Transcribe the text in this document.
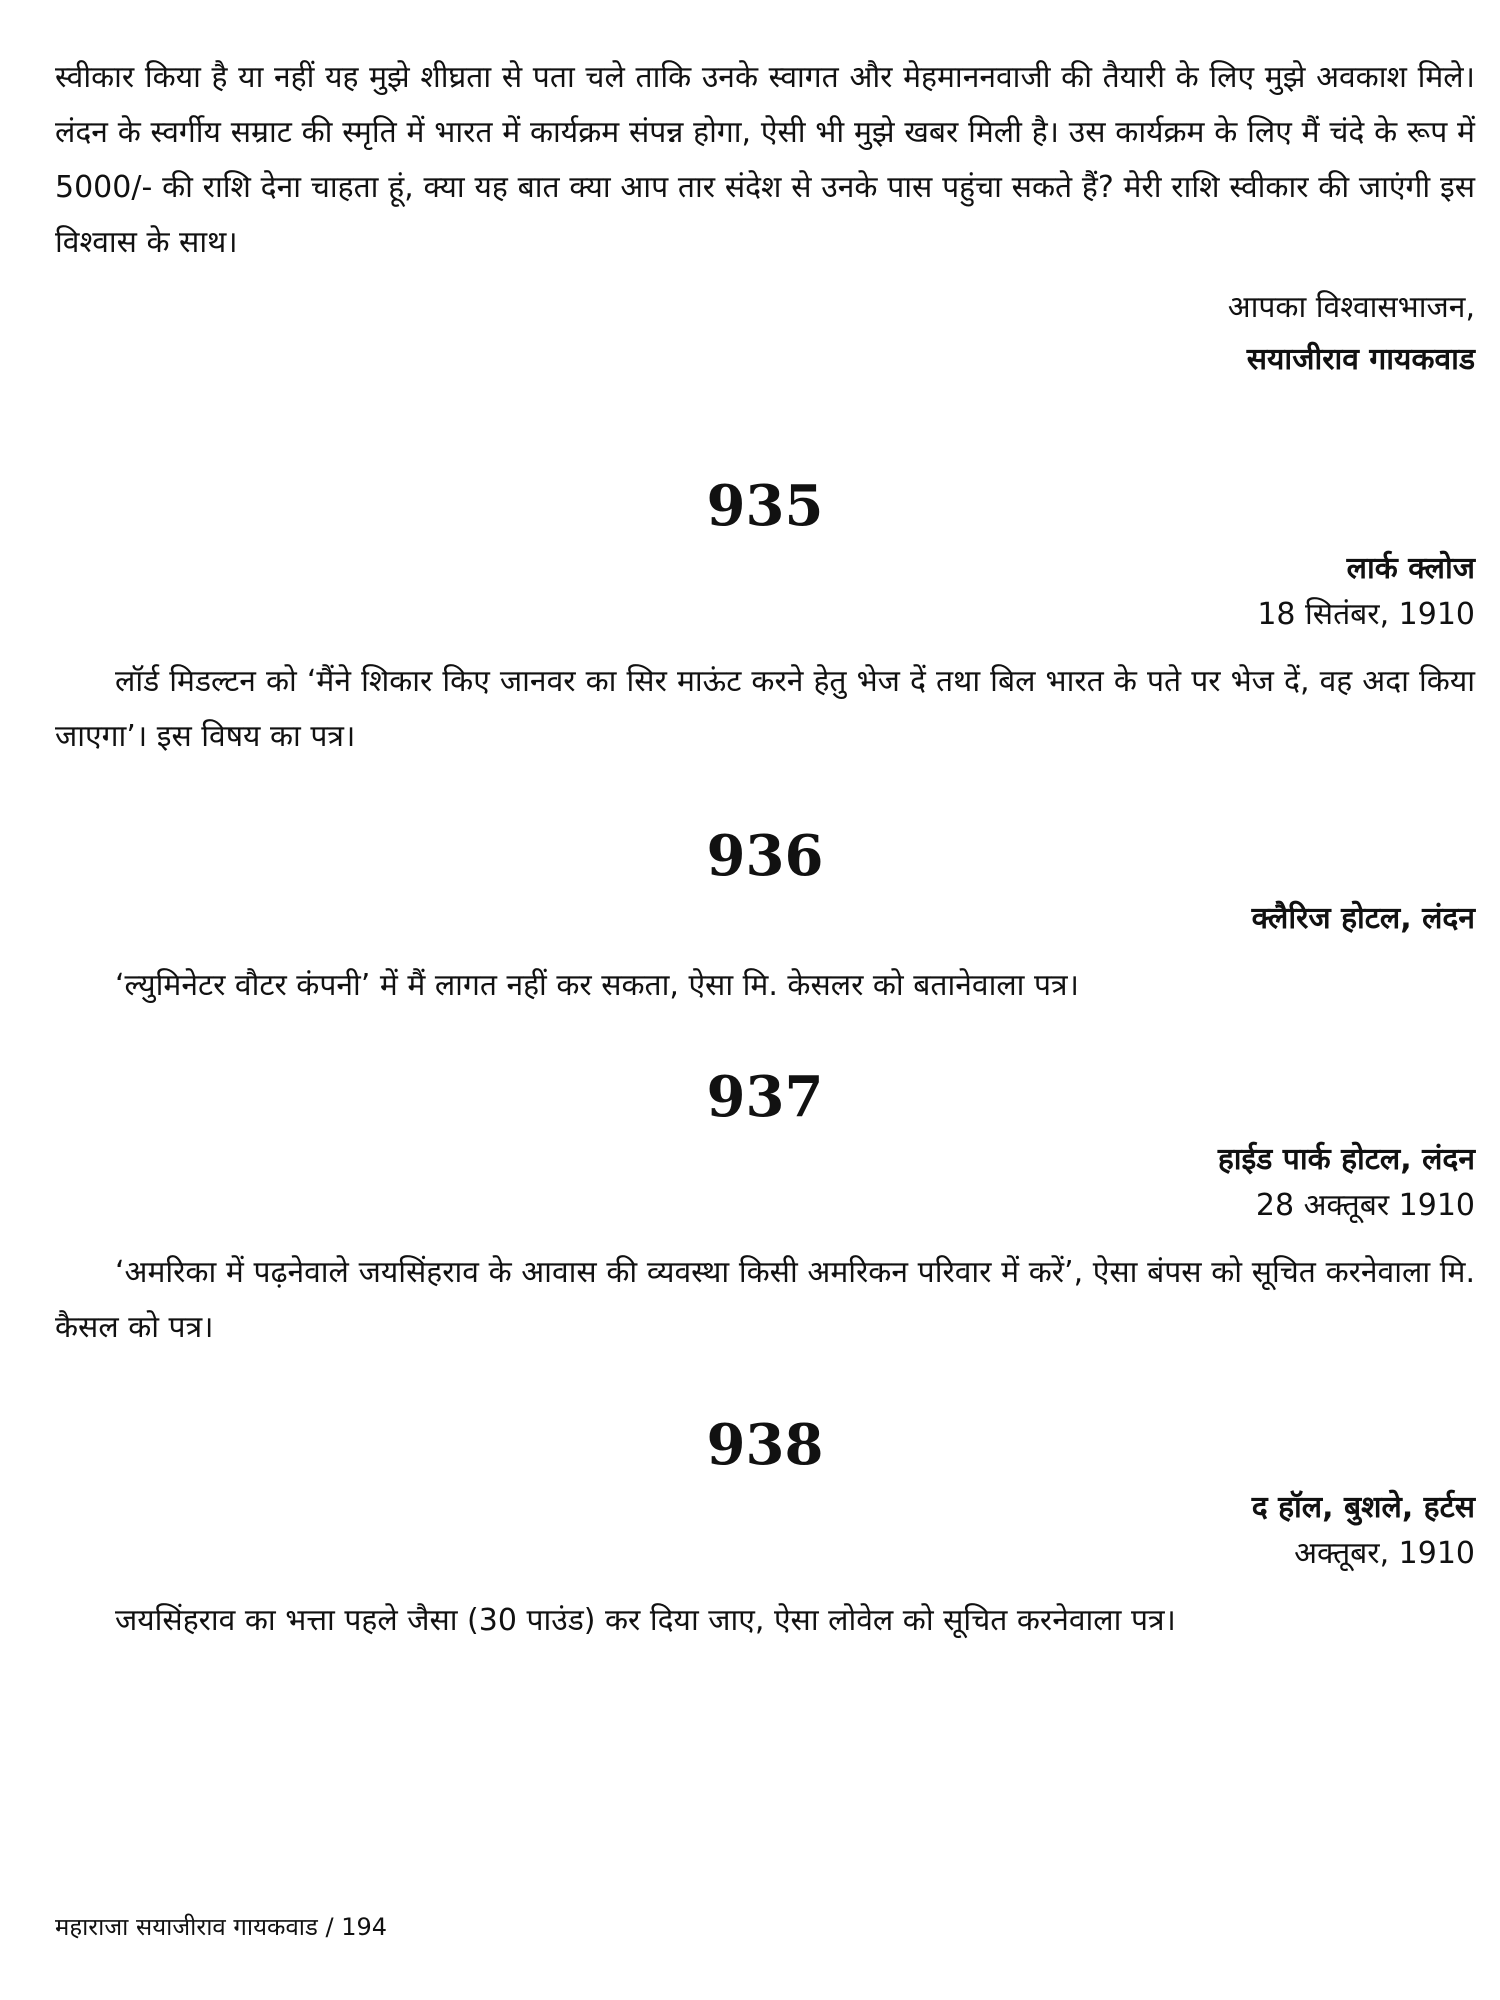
स्वीकार किया है या नहीं यह मुझे शीघ्रता से पता चले ताकि उनके स्वागत और मेहमाननवाजी की तैयारी के लिए मुझे अवकाश मिले। लंदन के स्वर्गीय सम्राट की स्मृति में भारत में कार्यक्रम संपन्न होगा, ऐसी भी मुझे खबर मिली है। उस कार्यक्रम के लिए मैं चंदे के रूप में 5000/- की राशि देना चाहता हूं, क्या यह बात क्या आप तार संदेश से उनके पास पहुंचा सकते हैं? मेरी राशि स्वीकार की जाएंगी इस विश्वास के साथ।

आपका विश्वासभाजन,

सयाजीराव गायकवाड

935

लार्क क्लोज

18 सितंबर, 1910

लॉर्ड मिडल्टन को ‘मैंने शिकार किए जानवर का सिर माऊंट करने हेतु भेज दें तथा बिल भारत के पते पर भेज दें, वह अदा किया जाएगा’। इस विषय का पत्र।

936

क्लैरिज होटल, लंदन

‘ल्युमिनेटर वौटर कंपनी’ में मैं लागत नहीं कर सकता, ऐसा मि. केसलर को बतानेवाला पत्र।

937

हाईड पार्क होटल, लंदन

28 अक्तूबर 1910

‘अमरिका में पढ़नेवाले जयसिंहराव के आवास की व्यवस्था किसी अमरिकन परिवार में करें’, ऐसा बंपस को सूचित करनेवाला मि. कैसल को पत्र।

938

द हॉल, बुशले, हर्टस

अक्तूबर, 1910

जयसिंहराव का भत्ता पहले जैसा (30 पाउंड) कर दिया जाए, ऐसा लोवेल को सूचित करनेवाला पत्र।

महाराजा सयाजीराव गायकवाड / 194
